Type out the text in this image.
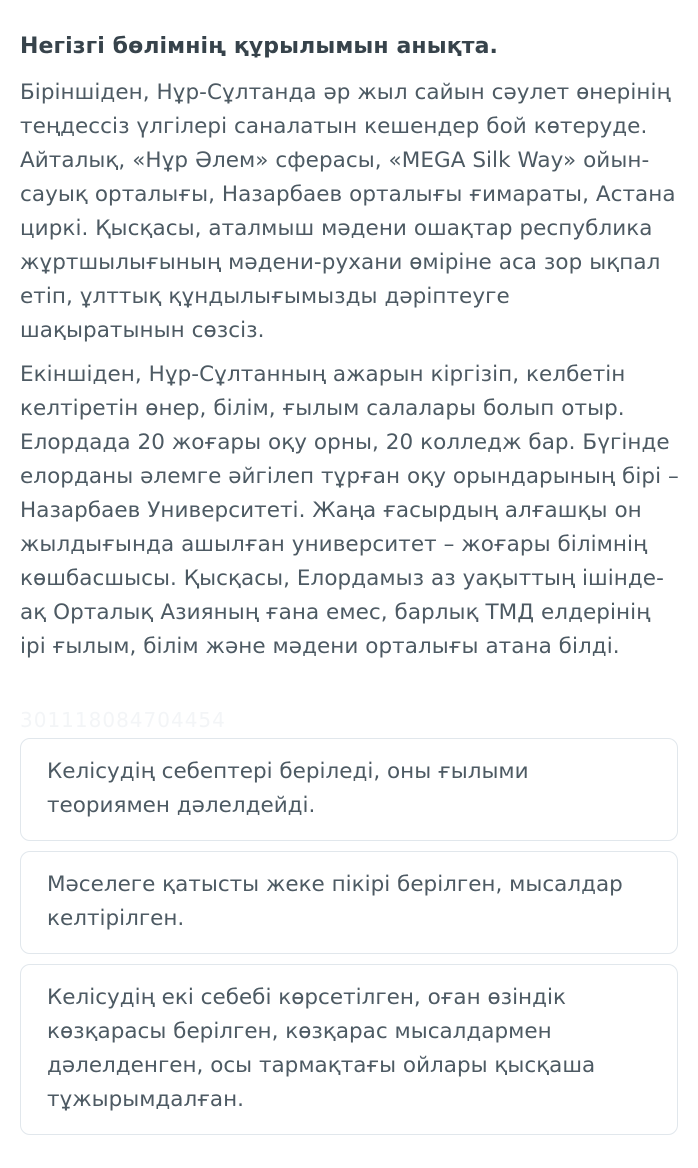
Негізгі бөлімнің құрылымын анықта.

Біріншіден, Нұр-Сұлтанда әр жыл сайын сәулет өнерінің теңдессіз үлгілері саналатын кешендер бой көтеруде. Айталық, «Нұр Әлем» сферасы, «MEGA Silk Way» ойын-сауық орталығы, Назарбаев орталығы ғимараты, Астана циркі. Қысқасы, аталмыш мәдени ошақтар республика жұртшылығының мәдени-рухани өміріне аса зор ықпал етіп, ұлттық құндылығымызды дәріптеуге шақыратынын сөзсіз.

Екіншіден, Нұр-Сұлтанның ажарын кіргізіп, келбетін келтіретін өнер, білім, ғылым салалары болып отыр. Елордада 20 жоғары оқу орны, 20 колледж бар. Бүгінде елорданы әлемге әйгілеп тұрған оқу орындарының бірі – Назарбаев Университеті. Жаңа ғасырдың алғашқы он жылдығында ашылған университет – жоғары білімнің көшбасшысы. Қысқасы, Елордамыз аз уақыттың ішінде-ақ Орталық Азияның ғана емес, барлық ТМД елдерінің ірі ғылым, білім және мәдени орталығы атана білді.

301118084704454
Келісудің себептері беріледі, оны ғылыми теориямен дәлелдейді.
Мәселеге қатысты жеке пікірі берілген, мысалдар келтірілген.
Келісудің екі себебі көрсетілген, оған өзіндік көзқарасы берілген, көзқарас мысалдармен дәлелденген, осы тармақтағы ойлары қысқаша тұжырымдалған.
